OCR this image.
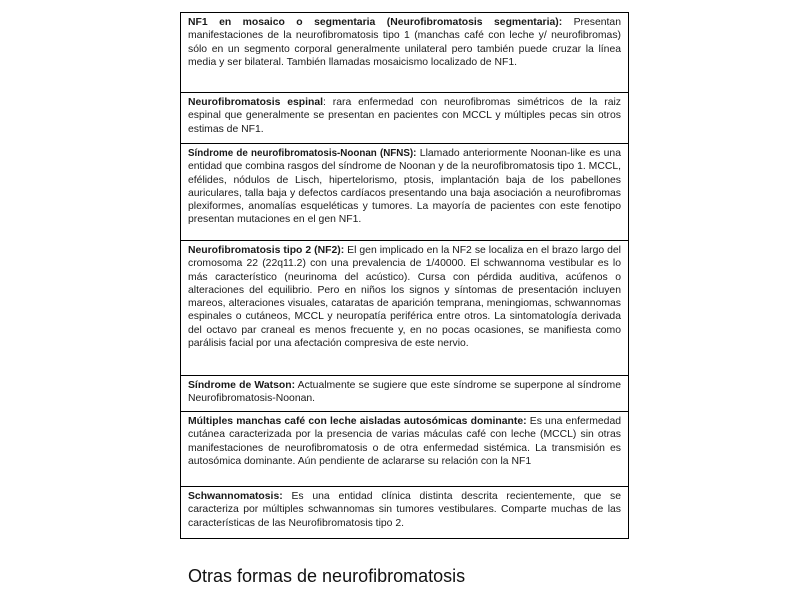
NF1 en mosaico o segmentaria (Neurofibromatosis segmentaria): Presentan manifestaciones de la neurofibromatosis tipo 1 (manchas café con leche y/ neurofibromas) sólo en un segmento corporal generalmente unilateral pero también puede cruzar la línea media y ser bilateral. También llamadas mosaicismo localizado de NF1.
Neurofibromatosis espinal: rara enfermedad con neurofibromas simétricos de la raiz espinal que generalmente se presentan en pacientes con MCCL y múltiples pecas sin otros estimas de NF1.
Síndrome de neurofibromatosis-Noonan (NFNS): Llamado anteriormente Noonan-like es una entidad que combina rasgos del síndrome de Noonan y de la neurofibromatosis tipo 1. MCCL, efélides, nódulos de Lisch, hipertelorismo, ptosis, implantación baja de los pabellones auriculares, talla baja y defectos cardíacos presentando una baja asociación a neurofibromas plexiformes, anomalías esqueléticas y tumores. La mayoría de pacientes con este fenotipo presentan mutaciones en el gen NF1.
Neurofibromatosis tipo 2 (NF2): El gen implicado en la NF2 se localiza en el brazo largo del cromosoma 22 (22q11.2) con una prevalencia de 1/40000. El schwannoma vestibular es lo más característico (neurinoma del acústico). Cursa con pérdida auditiva, acúfenos o alteraciones del equilibrio. Pero en niños los signos y síntomas de presentación incluyen mareos, alteraciones visuales, cataratas de aparición temprana, meningiomas, schwannomas espinales o cutáneos, MCCL y neuropatía periférica entre otros. La sintomatología derivada del octavo par craneal es menos frecuente y, en no pocas ocasiones, se manifiesta como parálisis facial por una afectación compresiva de este nervio.
Síndrome de Watson: Actualmente se sugiere que este síndrome se superpone al síndrome Neurofibromatosis-Noonan.
Múltiples manchas café con leche aisladas autosómicas dominante: Es una enfermedad cutánea caracterizada por la presencia de varias máculas café con leche (MCCL) sin otras manifestaciones de neurofibromatosis o de otra enfermedad sistémica. La transmisión es autosómica dominante. Aún pendiente de aclararse su relación con la NF1
Schwannomatosis: Es una entidad clínica distinta descrita recientemente, que se caracteriza por múltiples schwannomas sin tumores vestibulares. Comparte muchas de las características de las Neurofibromatosis tipo 2.
Otras formas de neurofibromatosis
